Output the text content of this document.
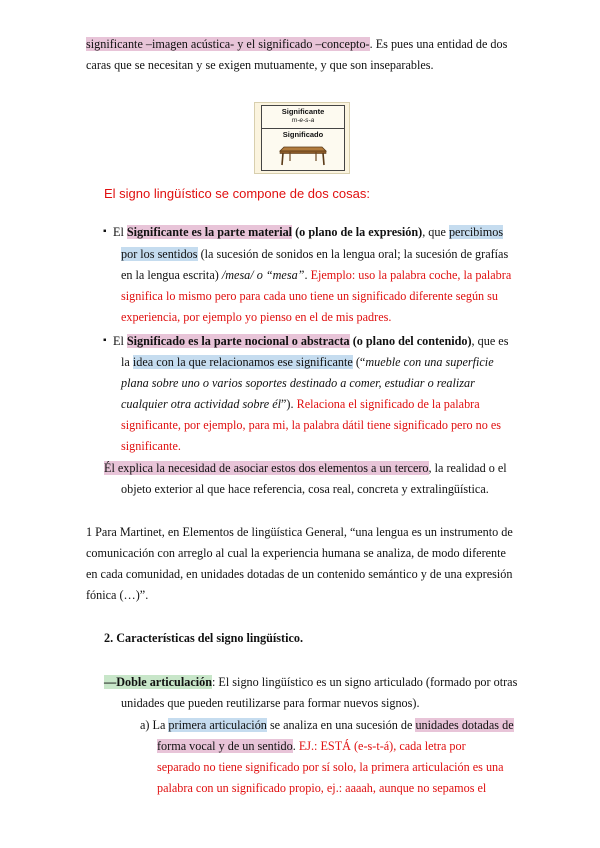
significante –imagen acústica- y el significado –concepto-. Es pues una entidad de dos
caras que se necesitan y se exigen mutuamente, y que son inseparables.
Significante
m-e-s-a
Significado
El signo lingüístico se compone de dos cosas:
▪ El Significante es la parte material (o plano de la expresión), que percibimos
por los sentidos (la sucesión de sonidos en la lengua oral; la sucesión de grafías
en la lengua escrita) /mesa/ o “mesa”. Ejemplo: uso la palabra coche, la palabra
significa lo mismo pero para cada uno tiene un significado diferente según su
experiencia, por ejemplo yo pienso en el de mis padres.
▪ El Significado es la parte nocional o abstracta (o plano del contenido), que es
la idea con la que relacionamos ese significante (“mueble con una superficie
plana sobre uno o varios soportes destinado a comer, estudiar o realizar
cualquier otra actividad sobre él”). Relaciona el significado de la palabra
significante, por ejemplo, para mi, la palabra dátil tiene significado pero no es
significante.
Él explica la necesidad de asociar estos dos elementos a un tercero, la realidad o el
objeto exterior al que hace referencia, cosa real, concreta y extralingüística.
1 Para Martinet, en Elementos de lingüística General, “una lengua es un instrumento de
comunicación con arreglo al cual la experiencia humana se analiza, de modo diferente
en cada comunidad, en unidades dotadas de un contenido semántico y de una expresión
fónica (…)”.
2. Características del signo lingüístico.
—Doble articulación: El signo lingüístico es un signo articulado (formado por otras
unidades que pueden reutilizarse para formar nuevos signos).
a) La primera articulación se analiza en una sucesión de unidades dotadas de
forma vocal y de un sentido. EJ.: ESTÁ (e-s-t-á), cada letra por
separado no tiene significado por sí solo, la primera articulación es una
palabra con un significado propio, ej.: aaaah, aunque no sepamos el
